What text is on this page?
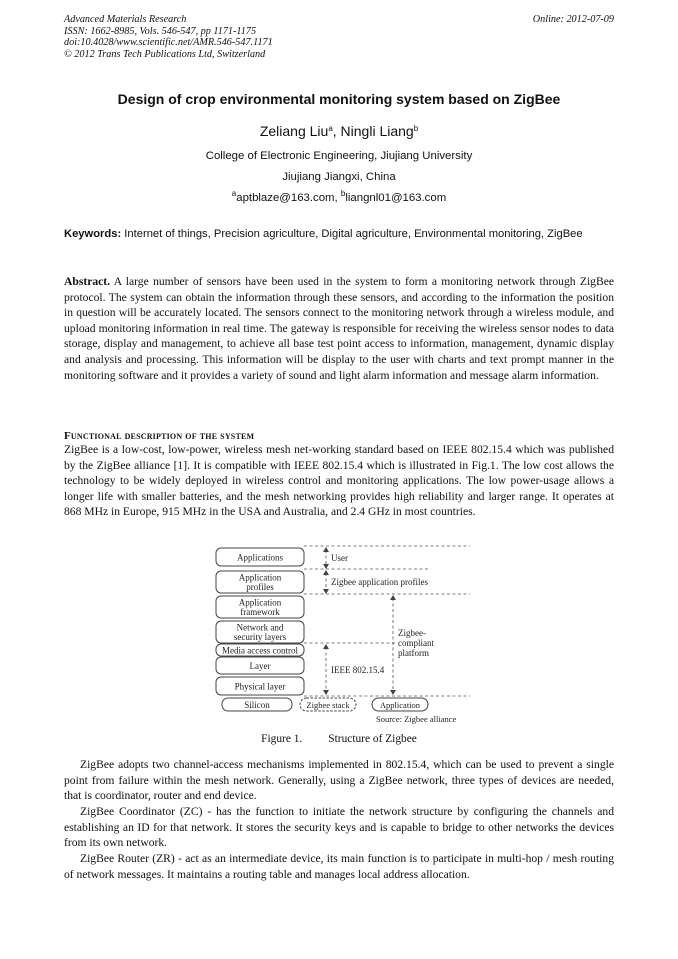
Advanced Materials Research
ISSN: 1662-8985, Vols. 546-547, pp 1171-1175
doi:10.4028/www.scientific.net/AMR.546-547.1171
© 2012 Trans Tech Publications Ltd, Switzerland
Online: 2012-07-09
Design of crop environmental monitoring system based on ZigBee
Zeliang Liu$^a$, Ningli Liang$^b$
College of Electronic Engineering, Jiujiang University
Jiujiang Jiangxi, China
$^a$aptblaze@163.com, $^b$liangnl01@163.com
Keywords: Internet of things, Precision agriculture, Digital agriculture, Environmental monitoring, ZigBee
Abstract. A large number of sensors have been used in the system to form a monitoring network through ZigBee protocol. The system can obtain the information through these sensors, and according to the information the position in question will be accurately located. The sensors connect to the monitoring network through a wireless module, and upload monitoring information in real time. The gateway is responsible for receiving the wireless sensor nodes to data storage, display and management, to achieve all base test point access to information, management, dynamic display and analysis and processing. This information will be display to the user with charts and text prompt manner in the monitoring software and it provides a variety of sound and light alarm information and message alarm information.
Functional description of the system
ZigBee is a low-cost, low-power, wireless mesh net-working standard based on IEEE 802.15.4 which was published by the ZigBee alliance [1]. It is compatible with IEEE 802.15.4 which is illustrated in Fig.1. The low cost allows the technology to be widely deployed in wireless control and monitoring applications. The low power-usage allows a longer life with smaller batteries, and the mesh networking provides high reliability and larger range. It operates at 868 MHz in Europe, 915 MHz in the USA and Australia, and 2.4 GHz in most countries.
Applications
Application
profiles
Application
framework
Network and
security layers
Media access control
Layer
Physical layer
Silicon
User
Zigbee application profiles
IEEE 802.15.4
Zigbee-
compliant
platform
Zigbee stack	Application
Source: Zigbee alliance
Figure 1. Structure of Zigbee
ZigBee adopts two channel-access mechanisms implemented in 802.15.4, which can be used to prevent a single point from failure within the mesh network. Generally, using a ZigBee network, three types of devices are needed, that is coordinator, router and end device.
ZigBee Coordinator (ZC) - has the function to initiate the network structure by configuring the channels and establishing an ID for that network. It stores the security keys and is capable to bridge to other networks the devices from its own network.
ZigBee Router (ZR) - act as an intermediate device, its main function is to participate in multi-hop / mesh routing of network messages. It maintains a routing table and manages local address allocation.
